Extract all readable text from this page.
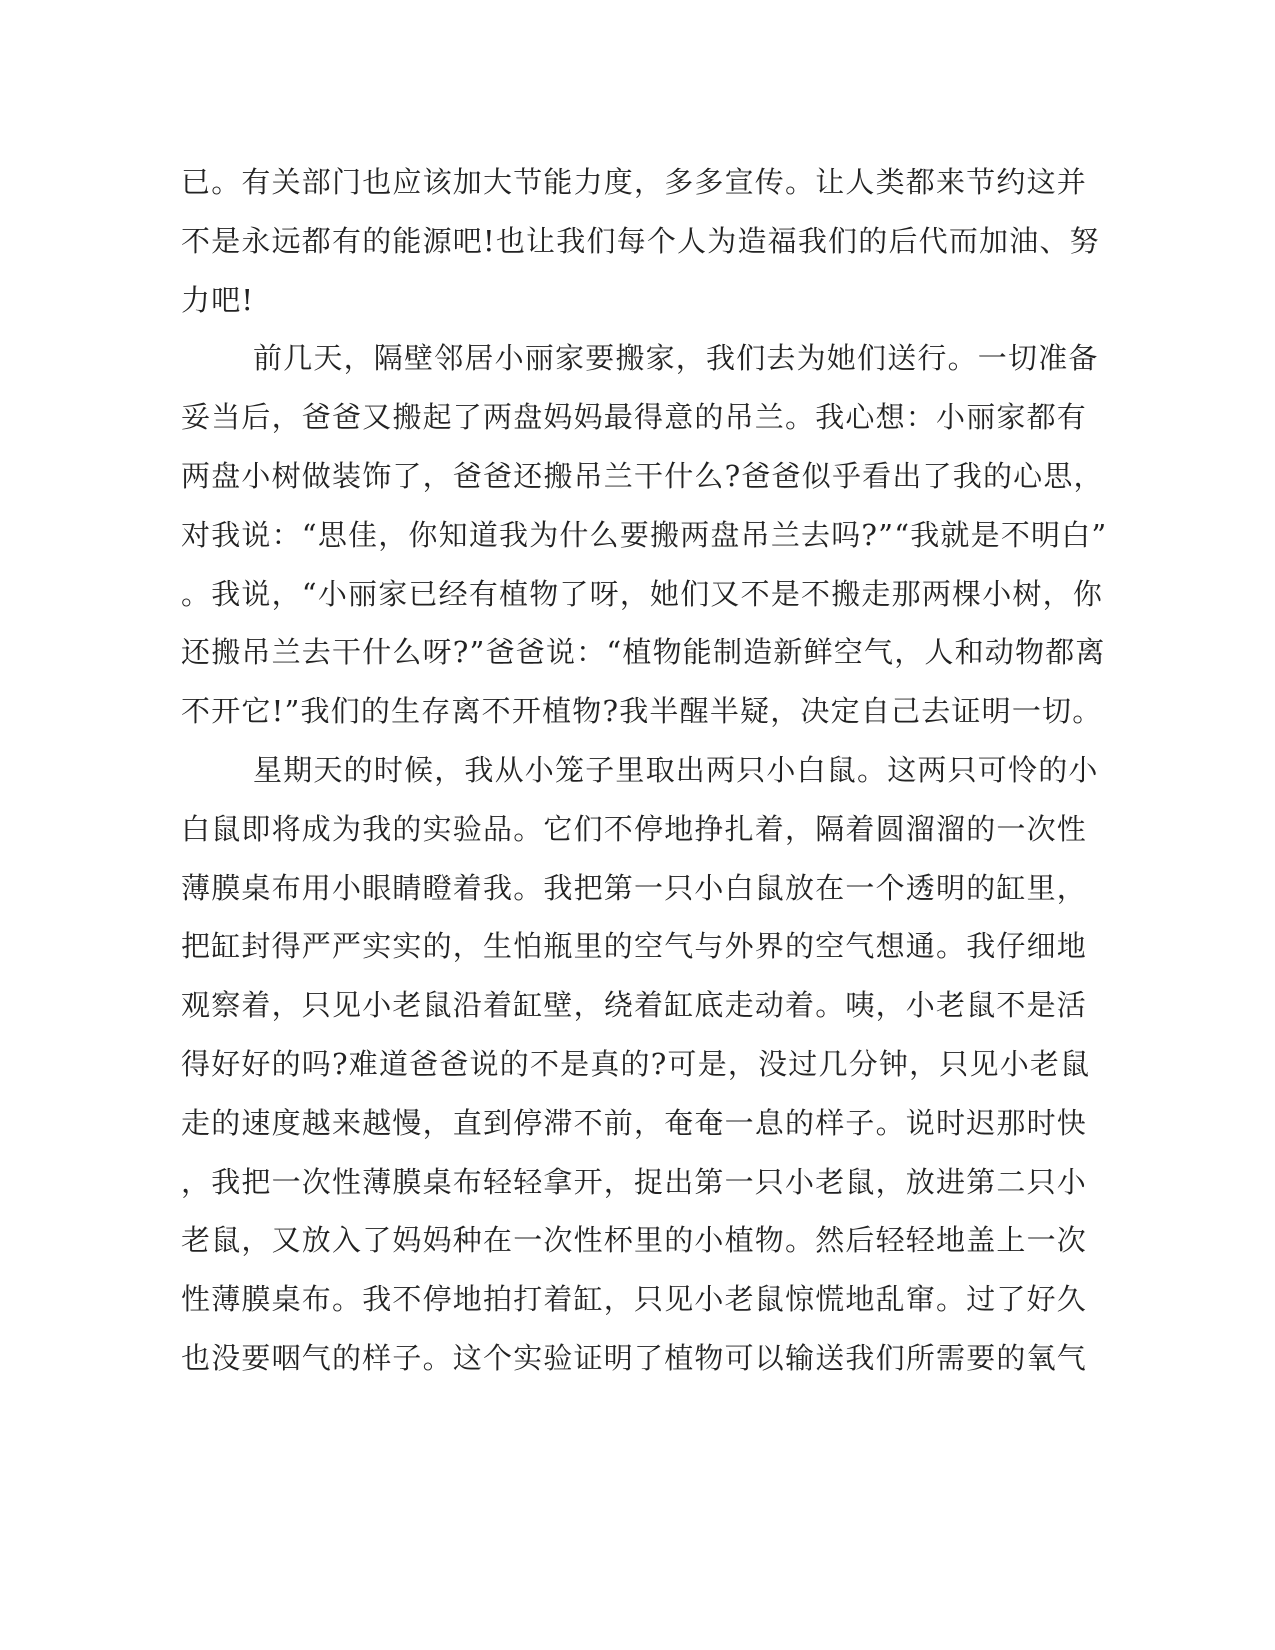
已。有关部门也应该加大节能力度，多多宣传。让人类都来节约这并
不是永远都有的能源吧!也让我们每个人为造福我们的后代而加油、努
力吧!
前几天，隔壁邻居小丽家要搬家，我们去为她们送行。一切准备
妥当后，爸爸又搬起了两盘妈妈最得意的吊兰。我心想：小丽家都有
两盘小树做装饰了，爸爸还搬吊兰干什么?爸爸似乎看出了我的心思，
对我说：“思佳，你知道我为什么要搬两盘吊兰去吗?”“我就是不明白”
。我说，“小丽家已经有植物了呀，她们又不是不搬走那两棵小树，你
还搬吊兰去干什么呀?”爸爸说：“植物能制造新鲜空气，人和动物都离
不开它!”我们的生存离不开植物?我半醒半疑，决定自己去证明一切。
星期天的时候，我从小笼子里取出两只小白鼠。这两只可怜的小
白鼠即将成为我的实验品。它们不停地挣扎着，隔着圆溜溜的一次性
薄膜桌布用小眼睛瞪着我。我把第一只小白鼠放在一个透明的缸里，
把缸封得严严实实的，生怕瓶里的空气与外界的空气想通。我仔细地
观察着，只见小老鼠沿着缸壁，绕着缸底走动着。咦，小老鼠不是活
得好好的吗?难道爸爸说的不是真的?可是，没过几分钟，只见小老鼠
走的速度越来越慢，直到停滞不前，奄奄一息的样子。说时迟那时快
，我把一次性薄膜桌布轻轻拿开，捉出第一只小老鼠，放进第二只小
老鼠，又放入了妈妈种在一次性杯里的小植物。然后轻轻地盖上一次
性薄膜桌布。我不停地拍打着缸，只见小老鼠惊慌地乱窜。过了好久
也没要咽气的样子。这个实验证明了植物可以输送我们所需要的氧气
